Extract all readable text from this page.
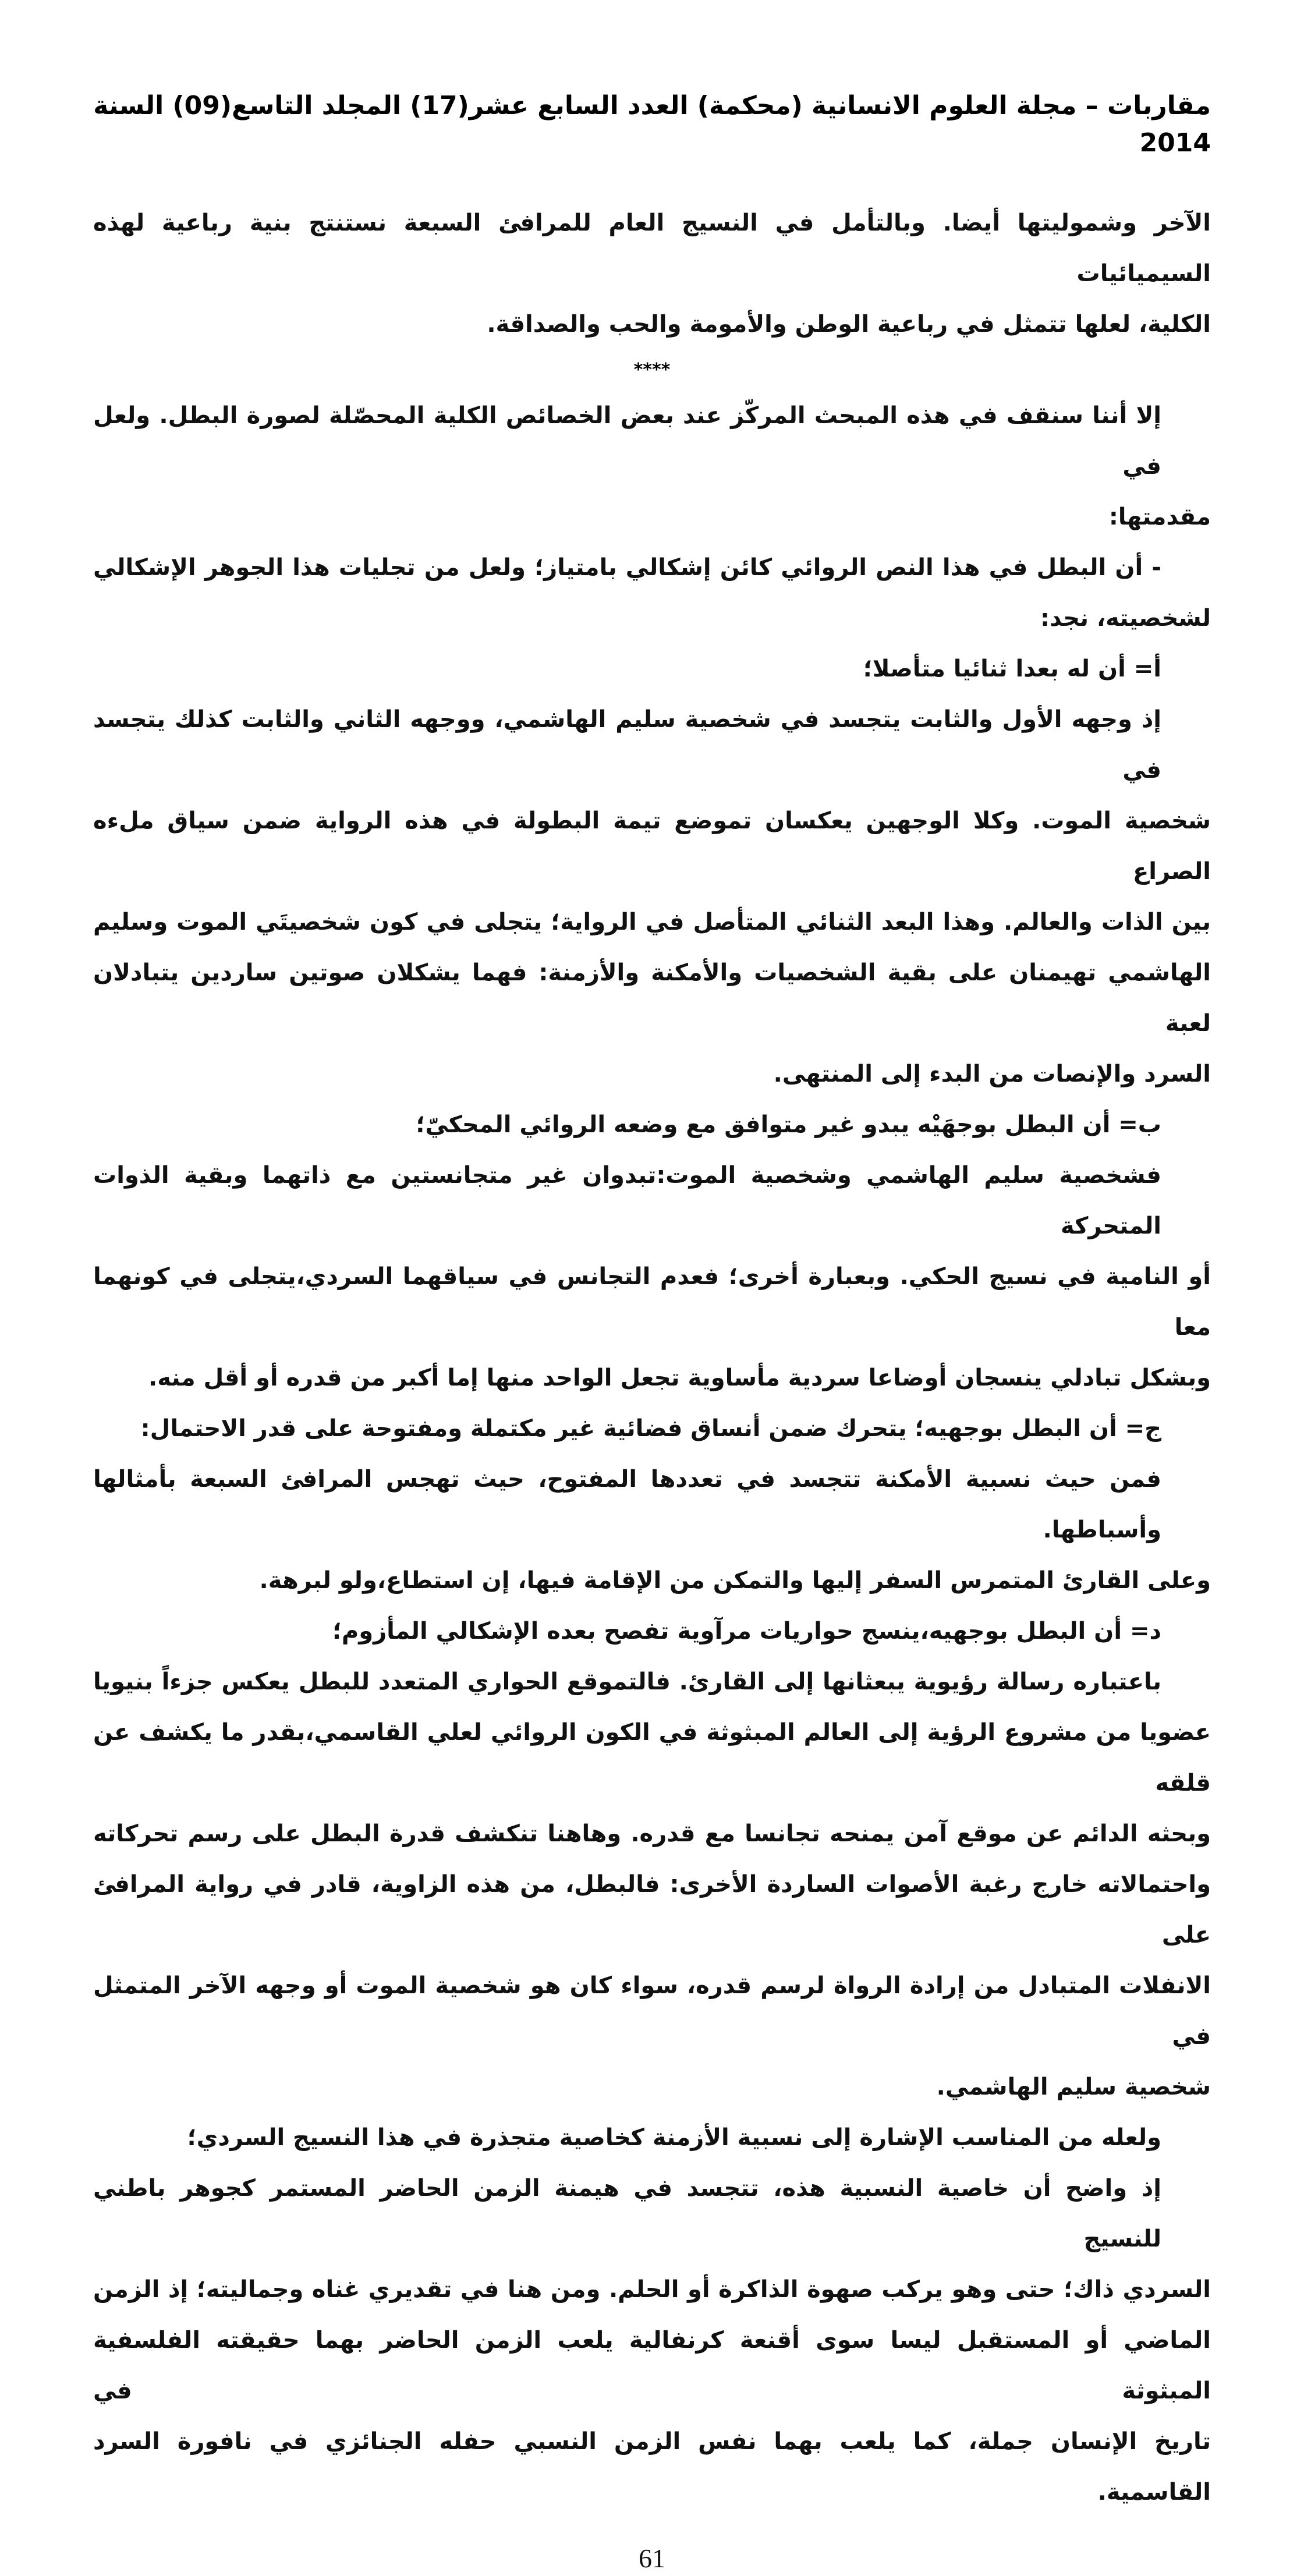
مقاربات – مجلة العلوم الانسانية (محكمة) العدد السابع عشر(17) المجلد التاسع(09) السنة 2014
الآخر وشموليتها أيضا. وبالتأمل في النسيج العام للمرافئ السبعة نستنتج بنية رباعية لهذه السيميائيات
الكلية، لعلها تتمثل في رباعية الوطن والأمومة والحب والصداقة.
****
إلا أننا سنقف في هذه المبحث المركّز عند بعض الخصائص الكلية المحصّلة لصورة البطل. ولعل في
مقدمتها:
- أن البطل في هذا النص الروائي كائن إشكالي بامتياز؛ ولعل من تجليات هذا الجوهر الإشكالي
لشخصيته، نجد:
أ= أن له بعدا ثنائيا متأصلا؛
إذ وجهه الأول والثابت يتجسد في شخصية سليم الهاشمي، ووجهه الثاني والثابت كذلك يتجسد في
شخصية الموت. وكلا الوجهين يعكسان تموضع تيمة البطولة في هذه الرواية ضمن سياق ملءه الصراع
بين الذات والعالم. وهذا البعد الثنائي المتأصل في الرواية؛ يتجلى في كون شخصيتَي الموت وسليم
الهاشمي تهيمنان على بقية الشخصيات والأمكنة والأزمنة: فهما يشكلان صوتين ساردين يتبادلان لعبة
السرد والإنصات من البدء إلى المنتهى.
ب= أن البطل بوجهَيْه يبدو غير متوافق مع وضعه الروائي المحكيّ؛
فشخصية سليم الهاشمي وشخصية الموت:تبدوان غير متجانستين مع ذاتهما وبقية الذوات المتحركة
أو النامية في نسيج الحكي. وبعبارة أخرى؛ فعدم التجانس في سياقهما السردي،يتجلى في كونهما معا
وبشكل تبادلي ينسجان أوضاعا سردية مأساوية تجعل الواحد منها إما أكبر من قدره أو أقل منه.
ج= أن البطل بوجهيه؛ يتحرك ضمن أنساق فضائية غير مكتملة ومفتوحة على قدر الاحتمال:
فمن حيث نسبية الأمكنة تتجسد في تعددها المفتوح، حيث تهجس المرافئ السبعة بأمثالها وأسباطها.
وعلى القارئ المتمرس السفر إليها والتمكن من الإقامة فيها، إن استطاع،ولو لبرهة.
د= أن البطل بوجهيه،ينسج حواريات مرآوية تفصح بعده الإشكالي المأزوم؛
باعتباره رسالة رؤيوية يبعثانها إلى القارئ. فالتموقع الحواري المتعدد للبطل يعكس جزءاً بنيويا
عضويا من مشروع الرؤية إلى العالم المبثوثة في الكون الروائي لعلي القاسمي،بقدر ما يكشف عن قلقه
وبحثه الدائم عن موقع آمن يمنحه تجانسا مع قدره. وهاهنا تنكشف قدرة البطل على رسم تحركاته
واحتمالاته خارج رغبة الأصوات الساردة الأخرى: فالبطل، من هذه الزاوية، قادر في رواية المرافئ على
الانفلات المتبادل من إرادة الرواة لرسم قدره، سواء كان هو شخصية الموت أو وجهه الآخر المتمثل في
شخصية سليم الهاشمي.
ولعله من المناسب الإشارة إلى نسبية الأزمنة كخاصية متجذرة في هذا النسيج السردي؛
إذ واضح أن خاصية النسبية هذه، تتجسد في هيمنة الزمن الحاضر المستمر كجوهر باطني للنسيج
السردي ذاك؛ حتى وهو يركب صهوة الذاكرة أو الحلم. ومن هنا في تقديري غناه وجماليته؛ إذ الزمن
الماضي أو المستقبل ليسا سوى أقنعة كرنفالية يلعب الزمن الحاضر بهما حقيقته الفلسفية المبثوثة في
تاريخ الإنسان جملة، كما يلعب بهما نفس الزمن النسبي حفله الجنائزي في نافورة السرد القاسمية.
61
